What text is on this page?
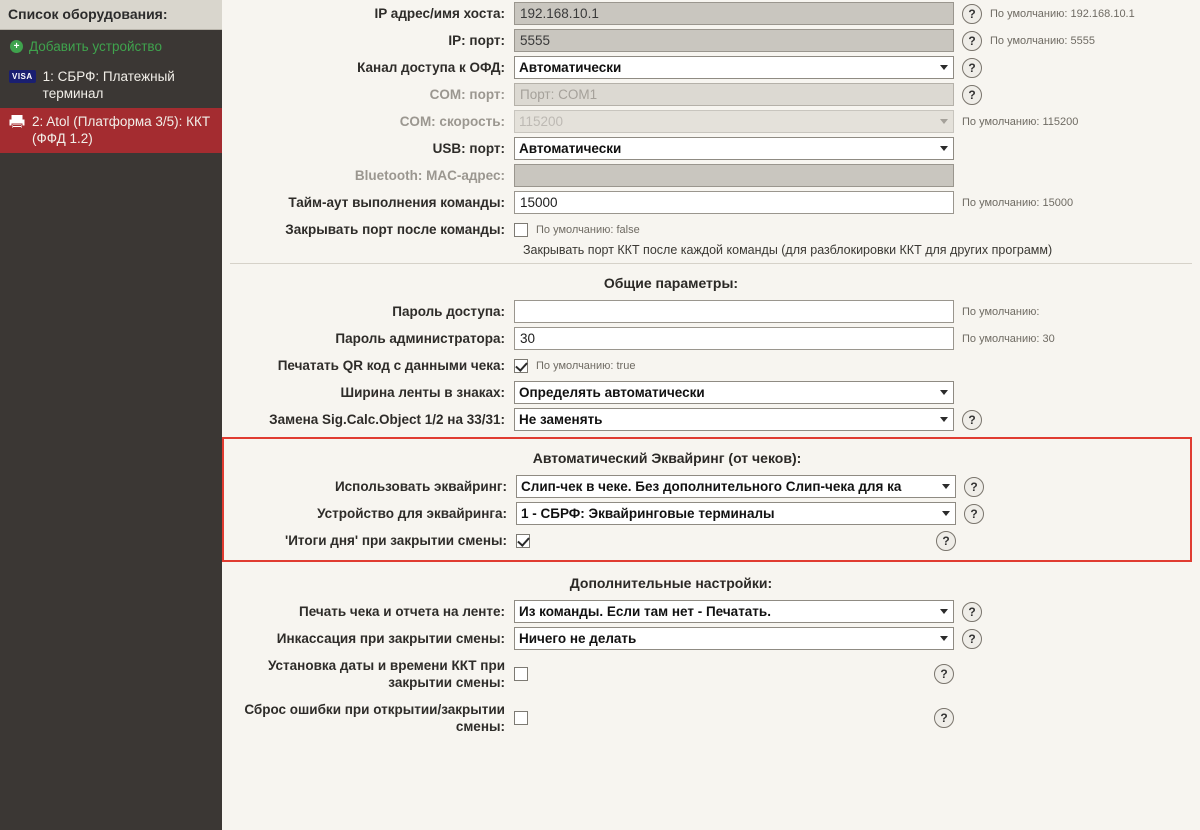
Список оборудования:
+ Добавить устройство
VISA 1: СБРФ: Платежный терминал
2: Atol (Платформа 3/5): ККТ (ФФД 1.2)
IP адрес/имя хоста:
192.168.10.1	?	По умолчанию: 192.168.10.1
IP: порт:
5555	?	По умолчанию: 5555
Канал доступа к ОФД:
Автоматически	?
COM: порт:
Порт: COM1	?
COM: скорость:
115200	По умолчанию: 115200
USB: порт:
Автоматически
Bluetooth: MAC-адрес:
Тайм-аут выполнения команды:
15000	По умолчанию: 15000
Закрывать порт после команды:	По умолчанию: false
Закрывать порт ККТ после каждой команды (для разблокировки ККТ для других программ)
Общие параметры:
Пароль доступа:	По умолчанию:
Пароль администратора:
30	По умолчанию: 30
Печатать QR код с данными чека:	По умолчанию: true
Ширина ленты в знаках:
Определять автоматически
Замена Sig.Calc.Object 1/2 на 33/31:
Не заменять	?
Автоматический Эквайринг (от чеков):
Использовать эквайринг:
Слип-чек в чеке. Без дополнительного Слип-чека для ка	?
Устройство для эквайринга:
1 - СБРФ: Эквайринговые терминалы	?
'Итоги дня' при закрытии смены:	?
Дополнительные настройки:
Печать чека и отчета на ленте:
Из команды. Если там нет - Печатать.	?
Инкассация при закрытии смены:
Ничего не делать	?
Установка даты и времени ККТ при закрытии смены:
?
Сброс ошибки при открытии/закрытии смены:
?
